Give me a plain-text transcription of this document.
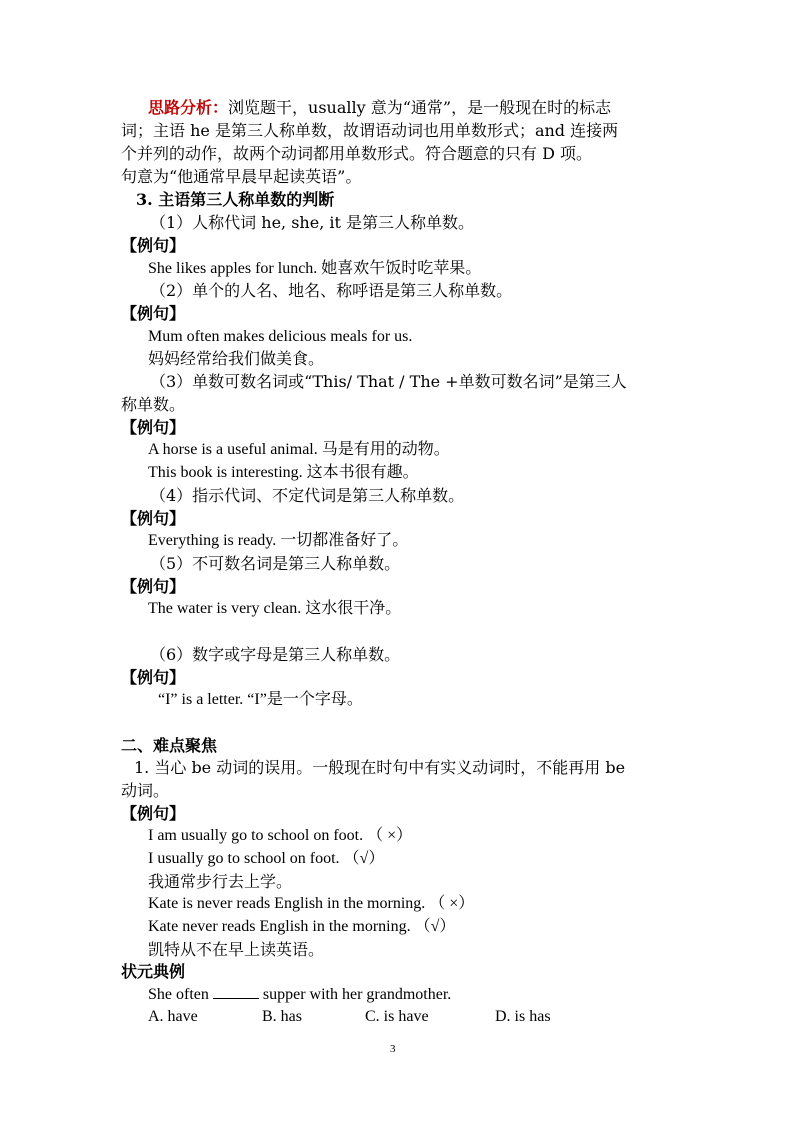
思路分析：浏览题干，usually 意为“通常”，是一般现在时的标志
词；主语 he 是第三人称单数，故谓语动词也用单数形式；and 连接两
个并列的动作，故两个动词都用单数形式。符合题意的只有 D 项。
句意为“他通常早晨早起读英语”。
3. 主语第三人称单数的判断
（1）人称代词 he, she, it 是第三人称单数。
【例句】
She likes apples for lunch. 她喜欢午饭时吃苹果。
（2）单个的人名、地名、称呼语是第三人称单数。
【例句】
Mum often makes delicious meals for us.
妈妈经常给我们做美食。
（3）单数可数名词或“This/ That / The +单数可数名词”是第三人
称单数。
【例句】
A horse is a useful animal. 马是有用的动物。
This book is interesting. 这本书很有趣。
（4）指示代词、不定代词是第三人称单数。
【例句】
Everything is ready. 一切都准备好了。
（5）不可数名词是第三人称单数。
【例句】
The water is very clean. 这水很干净。
（6）数字或字母是第三人称单数。
【例句】
“I” is a letter. “I”是一个字母。
二、难点聚焦
1. 当心 be 动词的误用。一般现在时句中有实义动词时，不能再用 be
动词。
【例句】
I am usually go to school on foot. （ ×）
I usually go to school on foot. （√）
我通常步行去上学。
Kate is never reads English in the morning. （ ×）
Kate never reads English in the morning. （√）
凯特从不在早上读英语。
状元典例
She often	supper with her grandmother.
A. have	B. has	C. is have	D. is has
3
